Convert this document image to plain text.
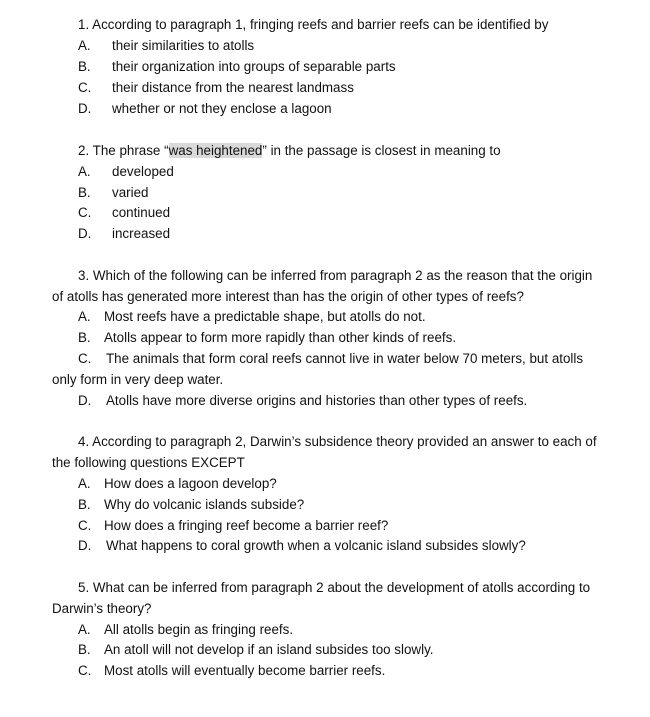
1. According to paragraph 1, fringing reefs and barrier reefs can be identified by
A. their similarities to atolls
B. their organization into groups of separable parts
C. their distance from the nearest landmass
D. whether or not they enclose a lagoon
2. The phrase “was heightened” in the passage is closest in meaning to
A. developed
B. varied
C. continued
D. increased
3. Which of the following can be inferred from paragraph 2 as the reason that the origin
of atolls has generated more interest than has the origin of other types of reefs?
A. Most reefs have a predictable shape, but atolls do not.
B. Atolls appear to form more rapidly than other kinds of reefs.
C. The animals that form coral reefs cannot live in water below 70 meters, but atolls
only form in very deep water.
D. Atolls have more diverse origins and histories than other types of reefs.
4. According to paragraph 2, Darwin’s subsidence theory provided an answer to each of
the following questions EXCEPT
A. How does a lagoon develop?
B. Why do volcanic islands subside?
C. How does a fringing reef become a barrier reef?
D. What happens to coral growth when a volcanic island subsides slowly?
5. What can be inferred from paragraph 2 about the development of atolls according to
Darwin’s theory?
A. All atolls begin as fringing reefs.
B. An atoll will not develop if an island subsides too slowly.
C. Most atolls will eventually become barrier reefs.
